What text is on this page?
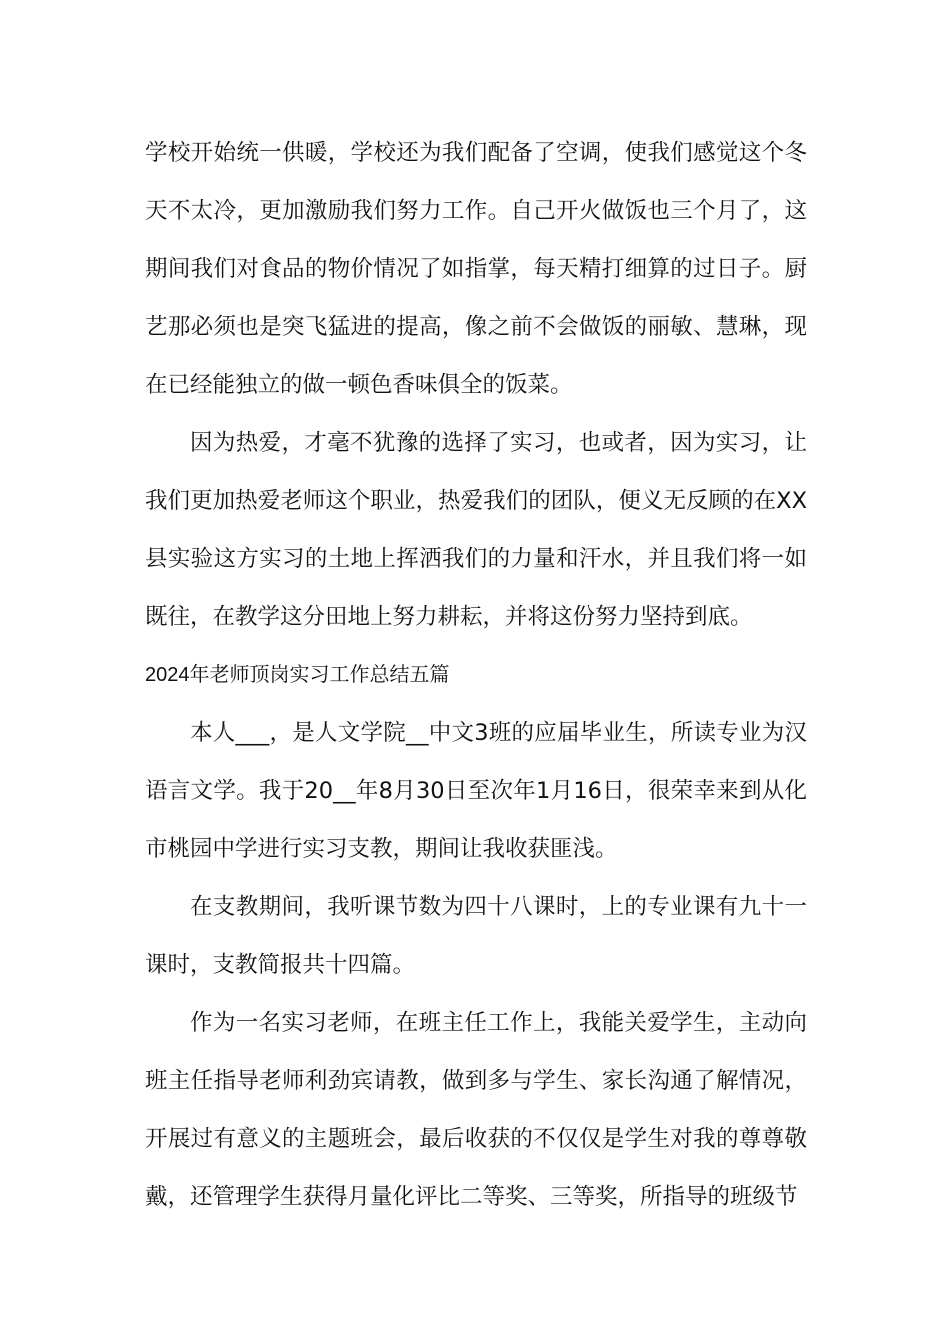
学校开始统一供暖，学校还为我们配备了空调，使我们感觉这个冬天不太冷，更加激励我们努力工作。自己开火做饭也三个月了，这期间我们对食品的物价情况了如指掌，每天精打细算的过日子。厨艺那必须也是突飞猛进的提高，像之前不会做饭的丽敏、慧琳，现在已经能独立的做一顿色香味俱全的饭菜。

因为热爱，才毫不犹豫的选择了实习，也或者，因为实习，让我们更加热爱老师这个职业，热爱我们的团队，便义无反顾的在XX县实验这方实习的土地上挥洒我们的力量和汗水，并且我们将一如既往，在教学这分田地上努力耕耘，并将这份努力坚持到底。

2024年老师顶岗实习工作总结五篇

本人___，是人文学院__中文3班的应届毕业生，所读专业为汉语言文学。我于20__年8月30日至次年1月16日，很荣幸来到从化市桃园中学进行实习支教，期间让我收获匪浅。

在支教期间，我听课节数为四十八课时，上的专业课有九十一课时，支教简报共十四篇。

作为一名实习老师，在班主任工作上，我能关爱学生，主动向班主任指导老师利劲宾请教，做到多与学生、家长沟通了解情况，开展过有意义的主题班会，最后收获的不仅仅是学生对我的尊尊敬戴，还管理学生获得月量化评比二等奖、三等奖，所指导的班级节
